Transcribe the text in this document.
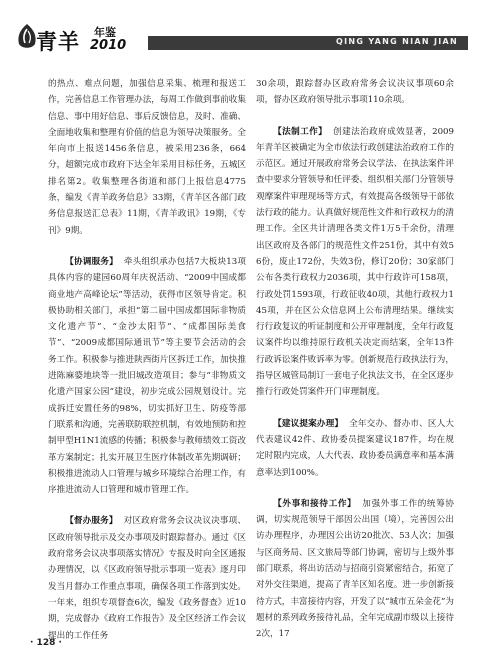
青羊 年鉴
2010	QING YANG NIAN JIAN

的热点、难点问题，加强信息采集、梳理和报送工作，完善信息工作管理办法，每周工作做到事前收集信息、事中用好信息、事后反馈信息，及时、准确、全面地收集和整理有价值的信息为领导决策服务。全年向市上报送1456条信息，被采用236条，664分，超额完成市政府下达全年采用目标任务，五城区排名第2。收集整理各街道和部门上报信息4775条，编发《青羊政务信息》33期，《青羊区各部门政务信息报送汇总表》11期，《青羊政讯》19期，《专刊》9期。

【协调服务】 牵头组织承办包括7大板块13项具体内容的建园60周年庆祝活动、“2009中国成都商业地产高峰论坛”等活动，获得市区领导肯定。积极协助相关部门，承担“第二届中国成都国际非物质文化遗产节”、“金沙太阳节”、“成都国际美食节”、“2009成都国际通讯节”等主要节会活动的会务工作。积极参与推进陕西街片区拆迁工作，加快推进陈麻婆地块等一批旧城改造项目；参与“非物质文化遗产国家公园”建设，初步完成公园规划设计。完成拆迁安置任务的98%，切实抓好卫生、防疫等部门联系和沟通，完善联防联控机制，有效地预防和控制甲型H1N1流感的传播；积极参与教师绩效工资改革方案制定；扎实开展卫生医疗体制改革先期调研；积极推进流动人口管理与城乡环境综合治理工作，有序推进流动人口管理和城市管理工作。

【督办服务】 对区政府常务会议决议决事项、区政府领导批示及交办事项及时跟踪督办。通过《区政府常务会议决事项落实情况》专报及时向全区通报办理情况，以《区政府领导批示事项一览表》逐月印发当月督办工作重点事项，确保各项工作落到实处。一年来，组织专项督查6次，编发《政务督查》近10期，完成督办《政府工作报告》及全区经济工作会议提出的工作任务

30余项，跟踪督办区政府常务会议决议事项60余项，督办区政府领导批示事项110余项。

【法制工作】 创建法治政府成效显著，2009年青羊区被确定为全市依法行政创建法治政府工作的示范区。通过开展政府常务会议学法、在执法案件评查中要求分管领导和任评委、组织相关部门分管领导观摩案件审理现场等方式，有效提高各级领导干部依法行政的能力。认真做好规范性文件和行政权力的清理工作。全区共计清理各类文件1万5千余份，清理出区政府及各部门的规范性文件251份，其中有效56份，废止172份，失效3份，修订20份；30家部门公布各类行政权力2036项，其中行政许可158项，行政处罚1593项，行政征收40项，其他行政权力145项，并在区公众信息网上公布清理结果。继续实行行政复议的听证制度和公开审理制度，全年行政复议案件均以维持原行政机关决定而结案，全年13件行政诉讼案件败诉率为零。创新规范行政执法行为，指导区城管局制订一套电子化执法文书，在全区逐步推行行政处罚案件开门审理制度。

【建议提案办理】 全年交办、督办市、区人大代表建议42件、政协委员提案建议187件，均在规定时限内完成，人大代表、政协委员满意率和基本满意率达到100%。

【外事和接待工作】 加强外事工作的统筹协调，切实规范领导干部因公出国（境），完善因公出访办理程序，办理因公出访20批次、53人次；加强与区商务局、区文旅局等部门协调，密切与上级外事部门联系，将出访活动与招商引资紧密结合，拓宽了对外交往渠道，提高了青羊区知名度。进一步创新接待方式，丰富接待内容，开发了以“城市五朵金花”为题材的系列政务接待礼品，全年完成副市级以上接待2次，17

· 128 ·
